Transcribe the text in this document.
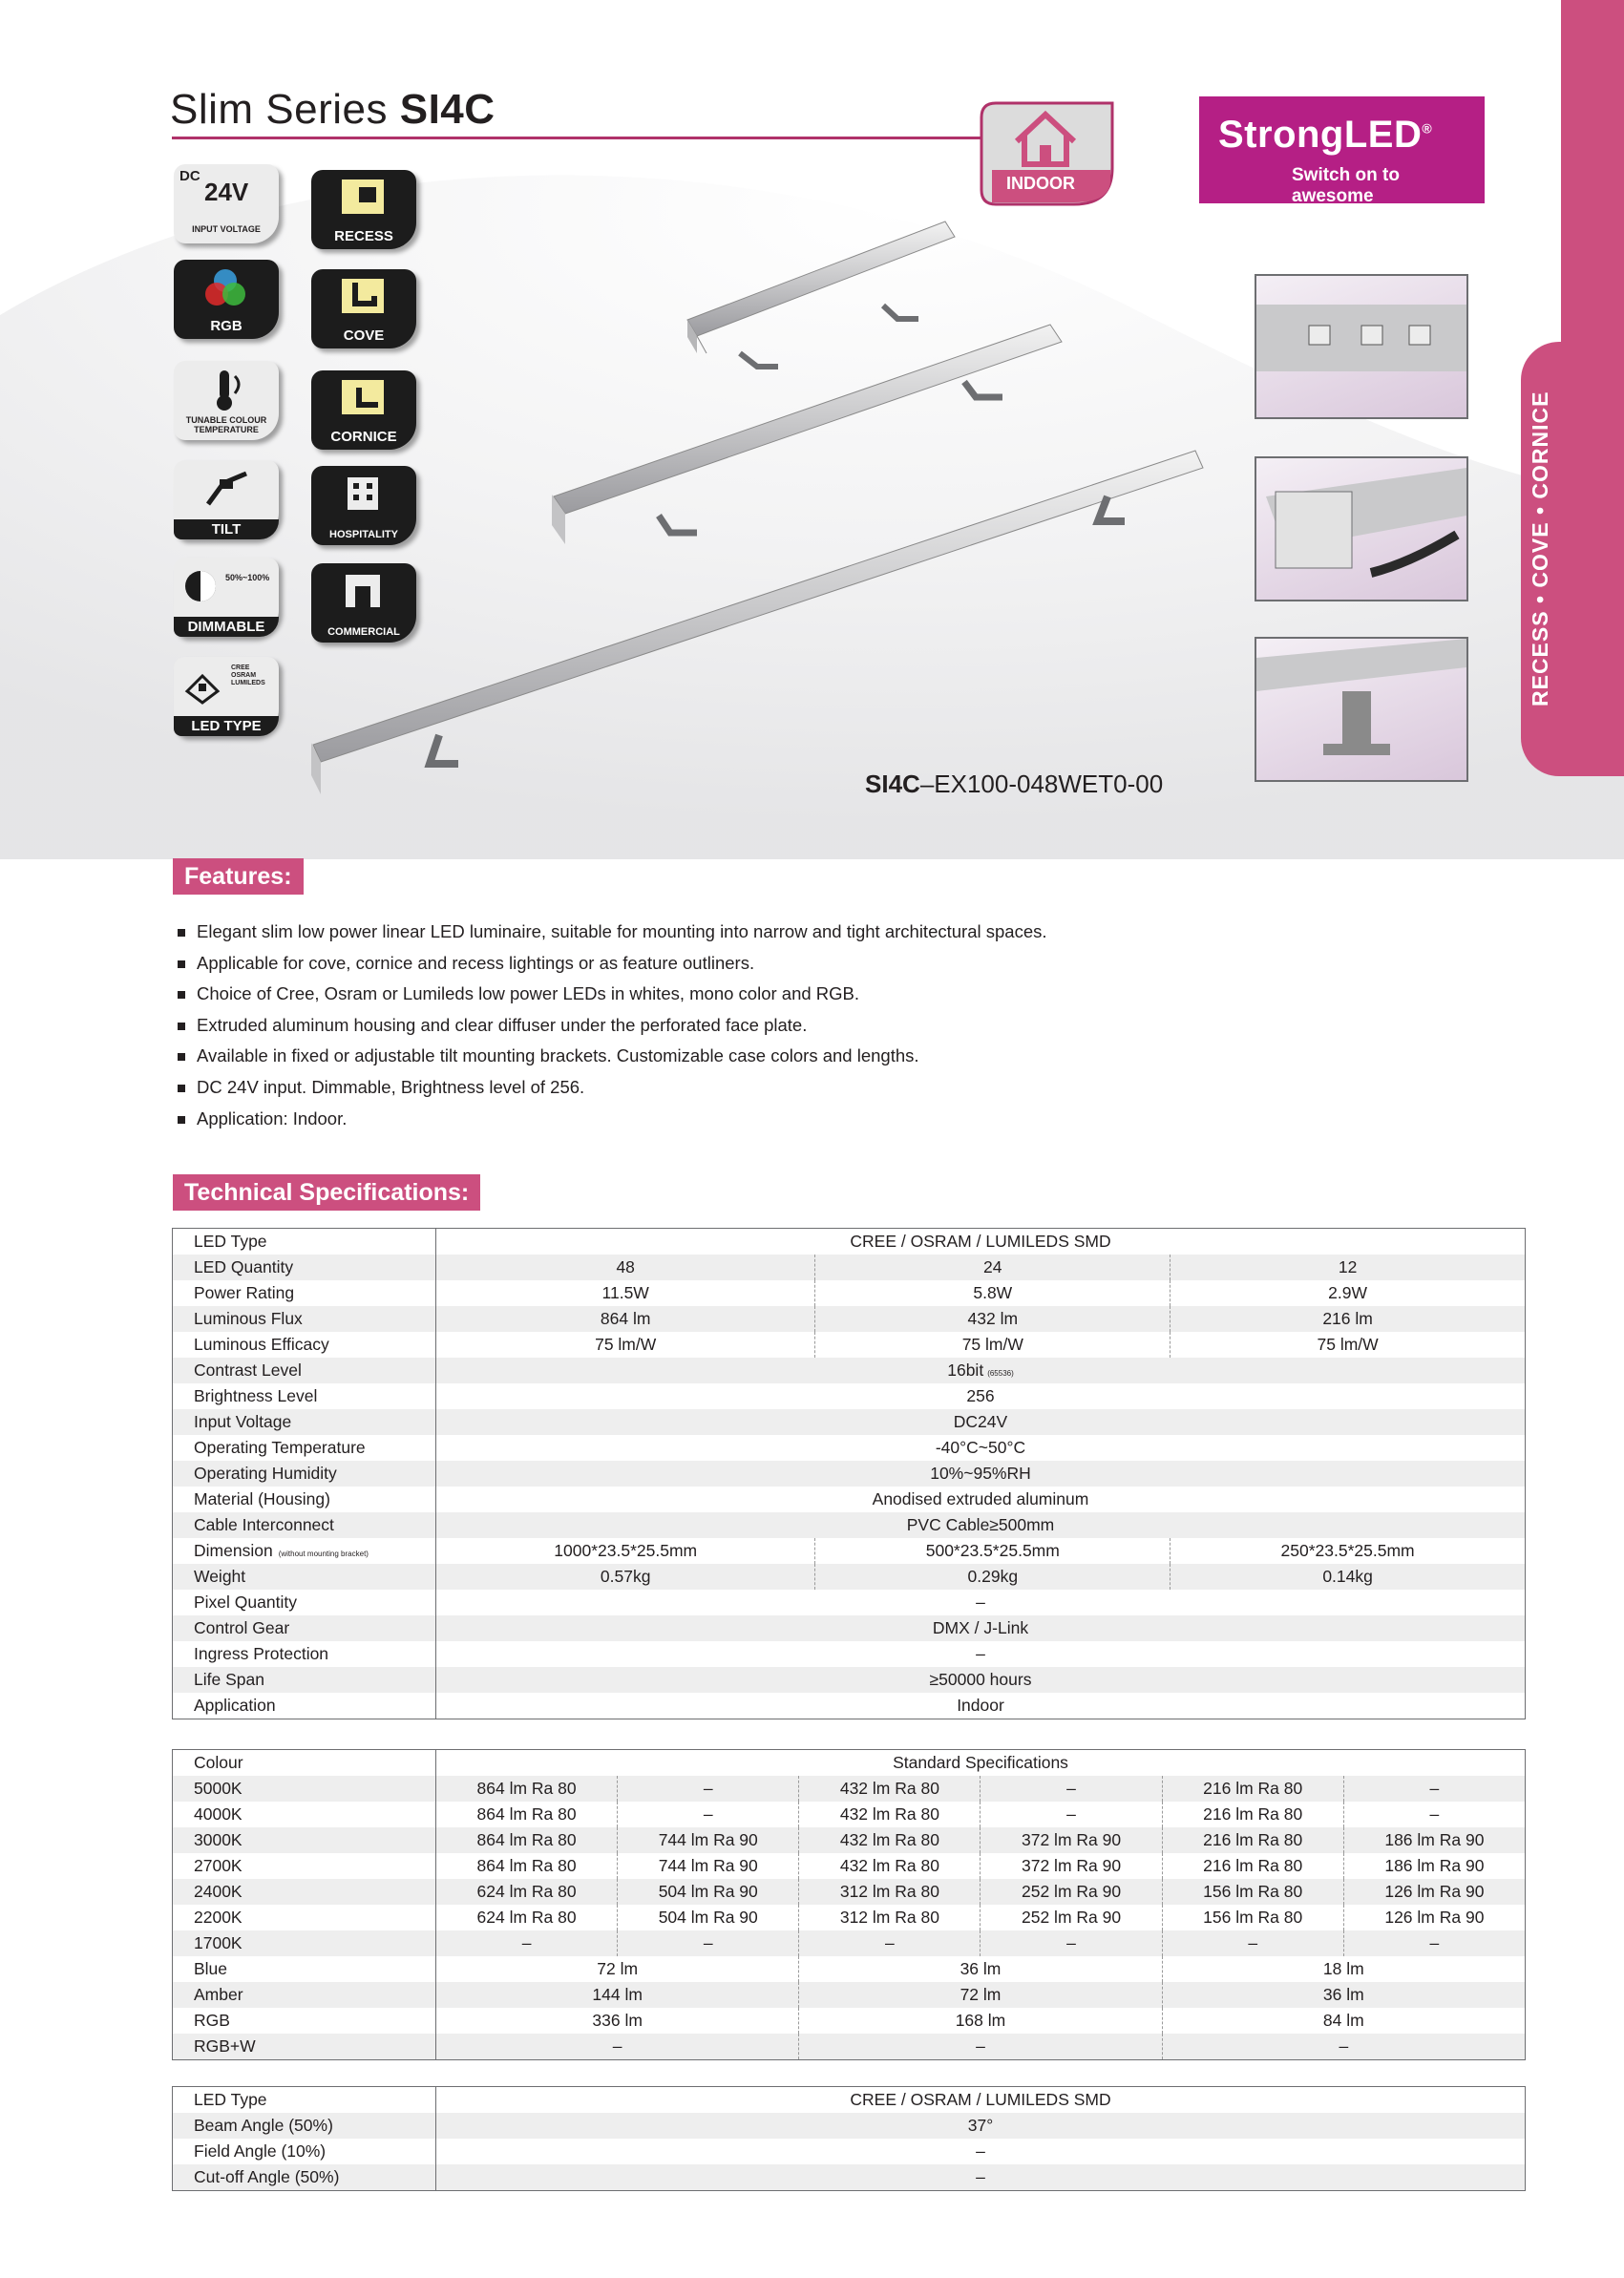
RECESS • COVE • CORNICE
Slim Series SI4C
INDOOR
StrongLED®
Switch on to awesome
DC
24V
INPUT VOLTAGE	RECESS
RGB
COVE
TUNABLE COLOUR TEMPERATURE	CORNICE
TILT	HOSPITALITY
50%~100%
DIMMABLE	COMMERCIAL
CREE OSRAM LUMILEDS
LED TYPE
SI4C–EX100-048WET0-00
Features:
Elegant slim low power linear LED luminaire, suitable for mounting into narrow and tight architectural spaces.
Applicable for cove, cornice and recess lightings or as feature outliners.
Choice of Cree, Osram or Lumileds low power LEDs in whites, mono color and RGB.
Extruded aluminum housing and clear diffuser under the perforated face plate.
Available in fixed or adjustable tilt mounting brackets. Customizable case colors and lengths.
DC 24V input. Dimmable, Brightness level of 256.
Application: Indoor.
Technical Specifications:
LED Type	CREE / OSRAM / LUMILEDS SMD		
LED Quantity	48	24	12
Power Rating	11.5W	5.8W	2.9W
Luminous Flux	864 lm	432 lm	216 lm
Luminous Efficacy	75 lm/W	75 lm/W	75 lm/W
Contrast Level	16bit (65536)		
Brightness Level	256		
Input Voltage	DC24V		
Operating Temperature	-40°C~50°C		
Operating Humidity	10%~95%RH		
Material (Housing)	Anodised extruded aluminum		
Cable Interconnect	PVC Cable≥500mm		
Dimension (without mounting bracket)	1000*23.5*25.5mm	500*23.5*25.5mm	250*23.5*25.5mm
Weight	0.57kg	0.29kg	0.14kg
Pixel Quantity	–		
Control Gear	DMX / J-Link		
Ingress Protection	–		
Life Span	≥50000 hours		
Application	Indoor		
Colour	Standard Specifications					
5000K	864 lm Ra 80	–	432 lm Ra 80	–	216 lm Ra 80	–
4000K	864 lm Ra 80	–	432 lm Ra 80	–	216 lm Ra 80	–
3000K	864 lm Ra 80	744 lm Ra 90	432 lm Ra 80	372 lm Ra 90	216 lm Ra 80	186 lm Ra 90
2700K	864 lm Ra 80	744 lm Ra 90	432 lm Ra 80	372 lm Ra 90	216 lm Ra 80	186 lm Ra 90
2400K	624 lm Ra 80	504 lm Ra 90	312 lm Ra 80	252 lm Ra 90	156 lm Ra 80	126 lm Ra 90
2200K	624 lm Ra 80	504 lm Ra 90	312 lm Ra 80	252 lm Ra 90	156 lm Ra 80	126 lm Ra 90
1700K	–	–	–	–	–	–
Blue	72 lm		36 lm		18 lm	
Amber	144 lm		72 lm		36 lm	
RGB	336 lm		168 lm		84 lm	
RGB+W	–		–		–	
LED Type	CREE / OSRAM / LUMILEDS SMD
Beam Angle (50%)	37°
Field Angle (10%)	–
Cut-off Angle (50%)	–
